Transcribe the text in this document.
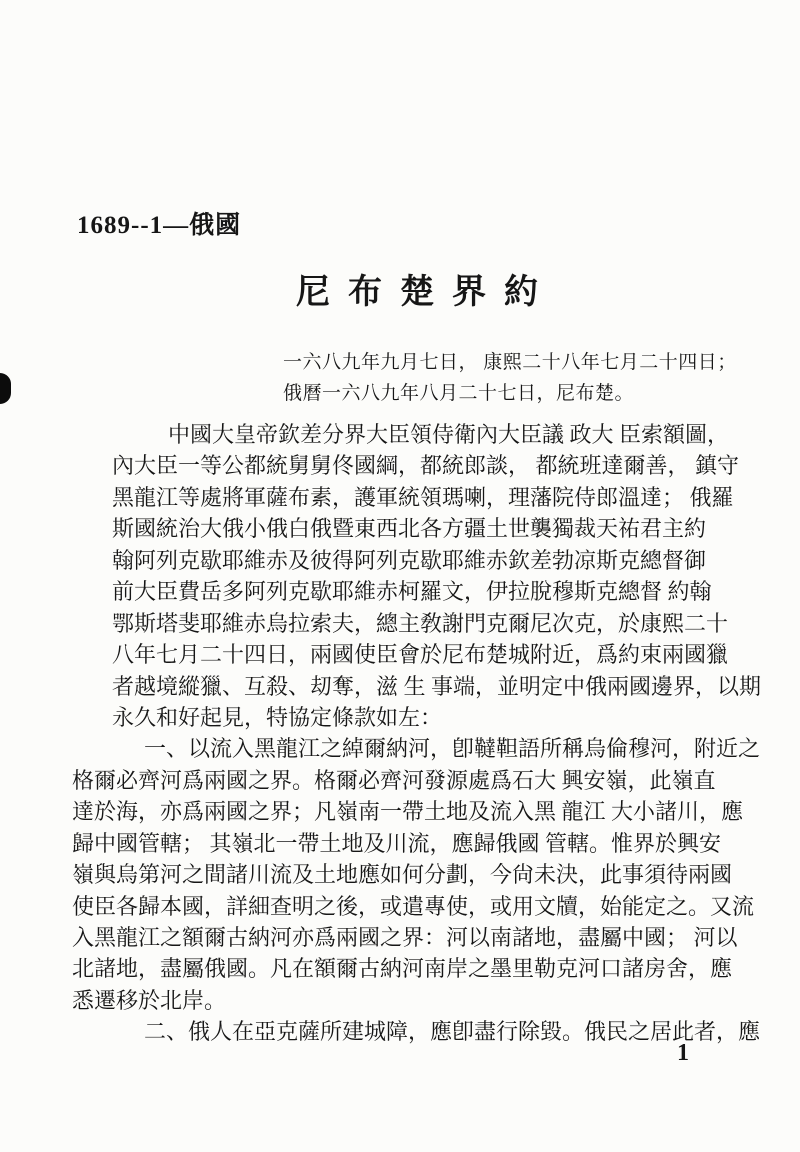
1689--1—俄國
尼布楚界約
一六八九年九月七日， 康熙二十八年七月二十四日；
俄曆一六八九年八月二十七日，尼布楚。
中國大皇帝欽差分界大臣領侍衛內大臣議 政大 臣索額圖，
內大臣一等公都統舅舅佟國綱，都統郎談， 都統班達爾善， 鎮守
黑龍江等處將軍薩布素，護軍統領瑪喇，理藩院侍郎溫達； 俄羅
斯國統治大俄小俄白俄暨東西北各方疆土世襲獨裁天祐君主約
翰阿列克歇耶維赤及彼得阿列克歇耶維赤欽差勃凉斯克總督御
前大臣費岳多阿列克歇耶維赤柯羅文，伊拉脫穆斯克總督 約翰
鄂斯塔斐耶維赤烏拉索夫，總主敎謝門克爾尼次克，於康熙二十
八年七月二十四日，兩國使臣會於尼布楚城附近，爲約束兩國獵
者越境縱獵、互殺、刧奪，滋 生 事端，並明定中俄兩國邊界，以期
永久和好起見，特協定條款如左：
一、以流入黑龍江之綽爾納河，卽韃靼語所稱烏倫穆河，附近之
格爾必齊河爲兩國之界。格爾必齊河發源處爲石大 興安嶺，此嶺直
達於海，亦爲兩國之界；凡嶺南一帶土地及流入黑 龍江 大小諸川，應
歸中國管轄； 其嶺北一帶土地及川流，應歸俄國 管轄。惟界於興安
嶺與烏第河之間諸川流及土地應如何分劃，今尙未決，此事須待兩國
使臣各歸本國，詳細查明之後，或遣專使，或用文牘，始能定之。又流
入黑龍江之額爾古納河亦爲兩國之界：河以南諸地，盡屬中國； 河以
北諸地，盡屬俄國。凡在額爾古納河南岸之墨里勒克河口諸房舍，應
悉遷移於北岸。
二、俄人在亞克薩所建城障，應卽盡行除毀。俄民之居此者，應
1
